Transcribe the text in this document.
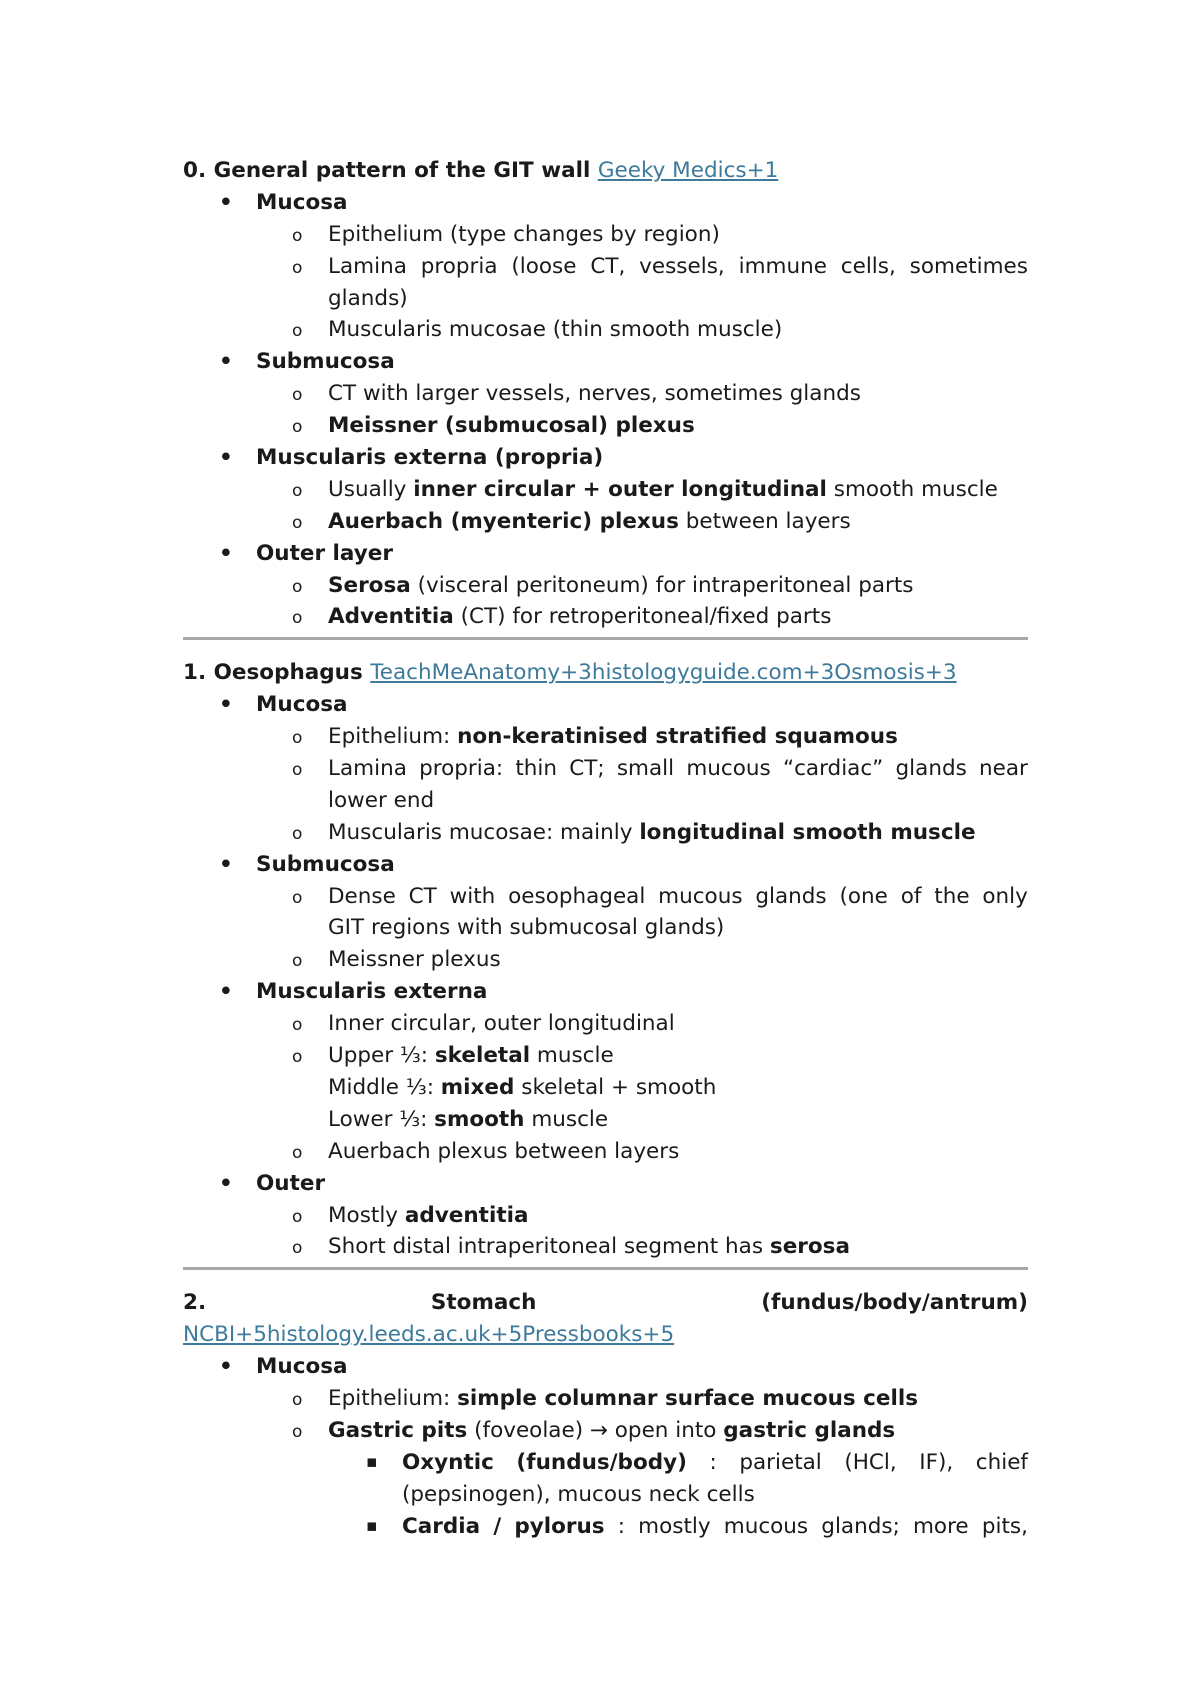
0. General pattern of the GIT wall Geeky Medics+1
• Mucosa
o Epithelium (type changes by region)
o Lamina propria (loose CT, vessels, immune cells, sometimes
glands)
o Muscularis mucosae (thin smooth muscle)
• Submucosa
o CT with larger vessels, nerves, sometimes glands
o Meissner (submucosal) plexus
• Muscularis externa (propria)
o Usually inner circular + outer longitudinal smooth muscle
o Auerbach (myenteric) plexus between layers
• Outer layer
o Serosa (visceral peritoneum) for intraperitoneal parts
o Adventitia (CT) for retroperitoneal/fixed parts
1. Oesophagus TeachMeAnatomy+3histologyguide.com+3Osmosis+3
• Mucosa
o Epithelium: non-keratinised stratified squamous
o Lamina propria: thin CT; small mucous “cardiac” glands near
lower end
o Muscularis mucosae: mainly longitudinal smooth muscle
• Submucosa
o Dense CT with oesophageal mucous glands (one of the only
GIT regions with submucosal glands)
o Meissner plexus
• Muscularis externa
o Inner circular, outer longitudinal
o Upper ⅓: skeletal muscle
Middle ⅓: mixed skeletal + smooth
Lower ⅓: smooth muscle
o Auerbach plexus between layers
• Outer
o Mostly adventitia
o Short distal intraperitoneal segment has serosa
2.	Stomach	(fundus/body/antrum)
NCBI+5histology.leeds.ac.uk+5Pressbooks+5
• Mucosa
o Epithelium: simple columnar surface mucous cells
o Gastric pits (foveolae) → open into gastric glands
▪ Oxyntic (fundus/body) : parietal (HCl, IF), chief
(pepsinogen), mucous neck cells
▪ Cardia / pylorus : mostly mucous glands; more pits,
